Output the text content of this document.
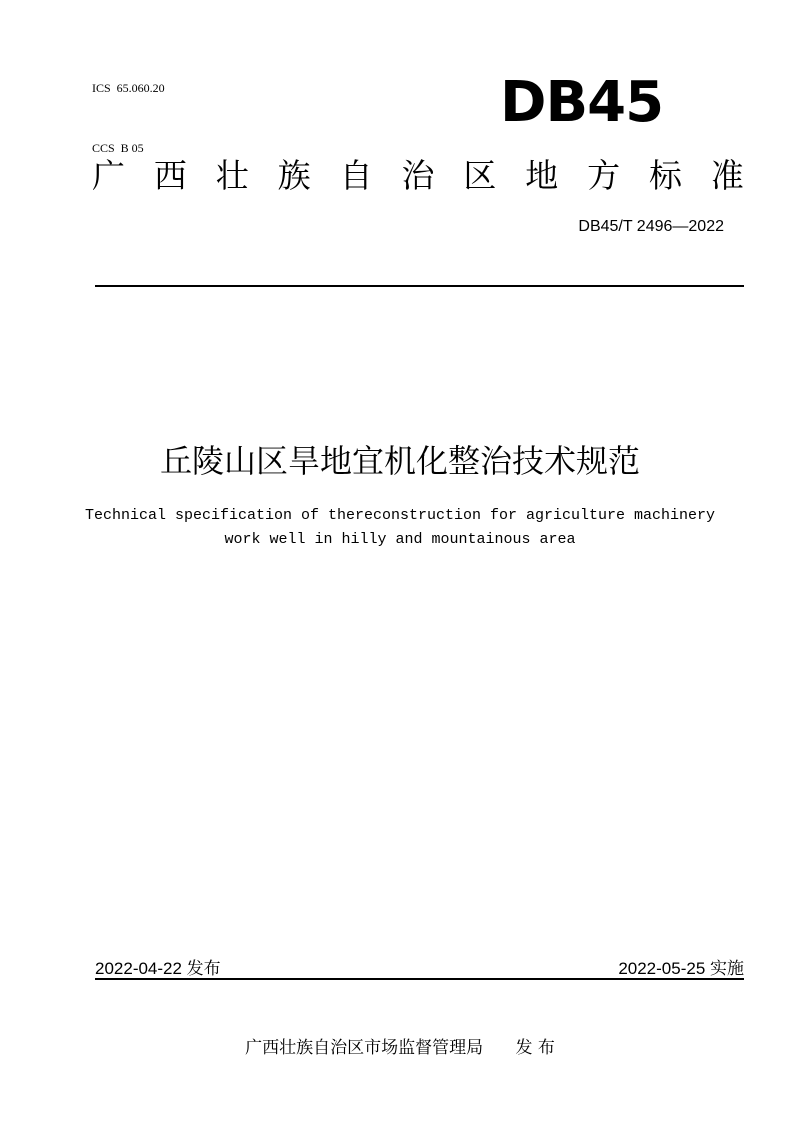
ICS  65.060.20

CCS  B 05

DB45
广 西 壮 族 自 治 区 地 方 标 准
DB45/T 2496—2022
丘陵山区旱地宜机化整治技术规范
Technical specification of thereconstruction for agriculture machinery
work well in hilly and mountainous area
2022-04-22 发布	2022-05-25 实施
广西壮族自治区市场监督管理局 发 布
